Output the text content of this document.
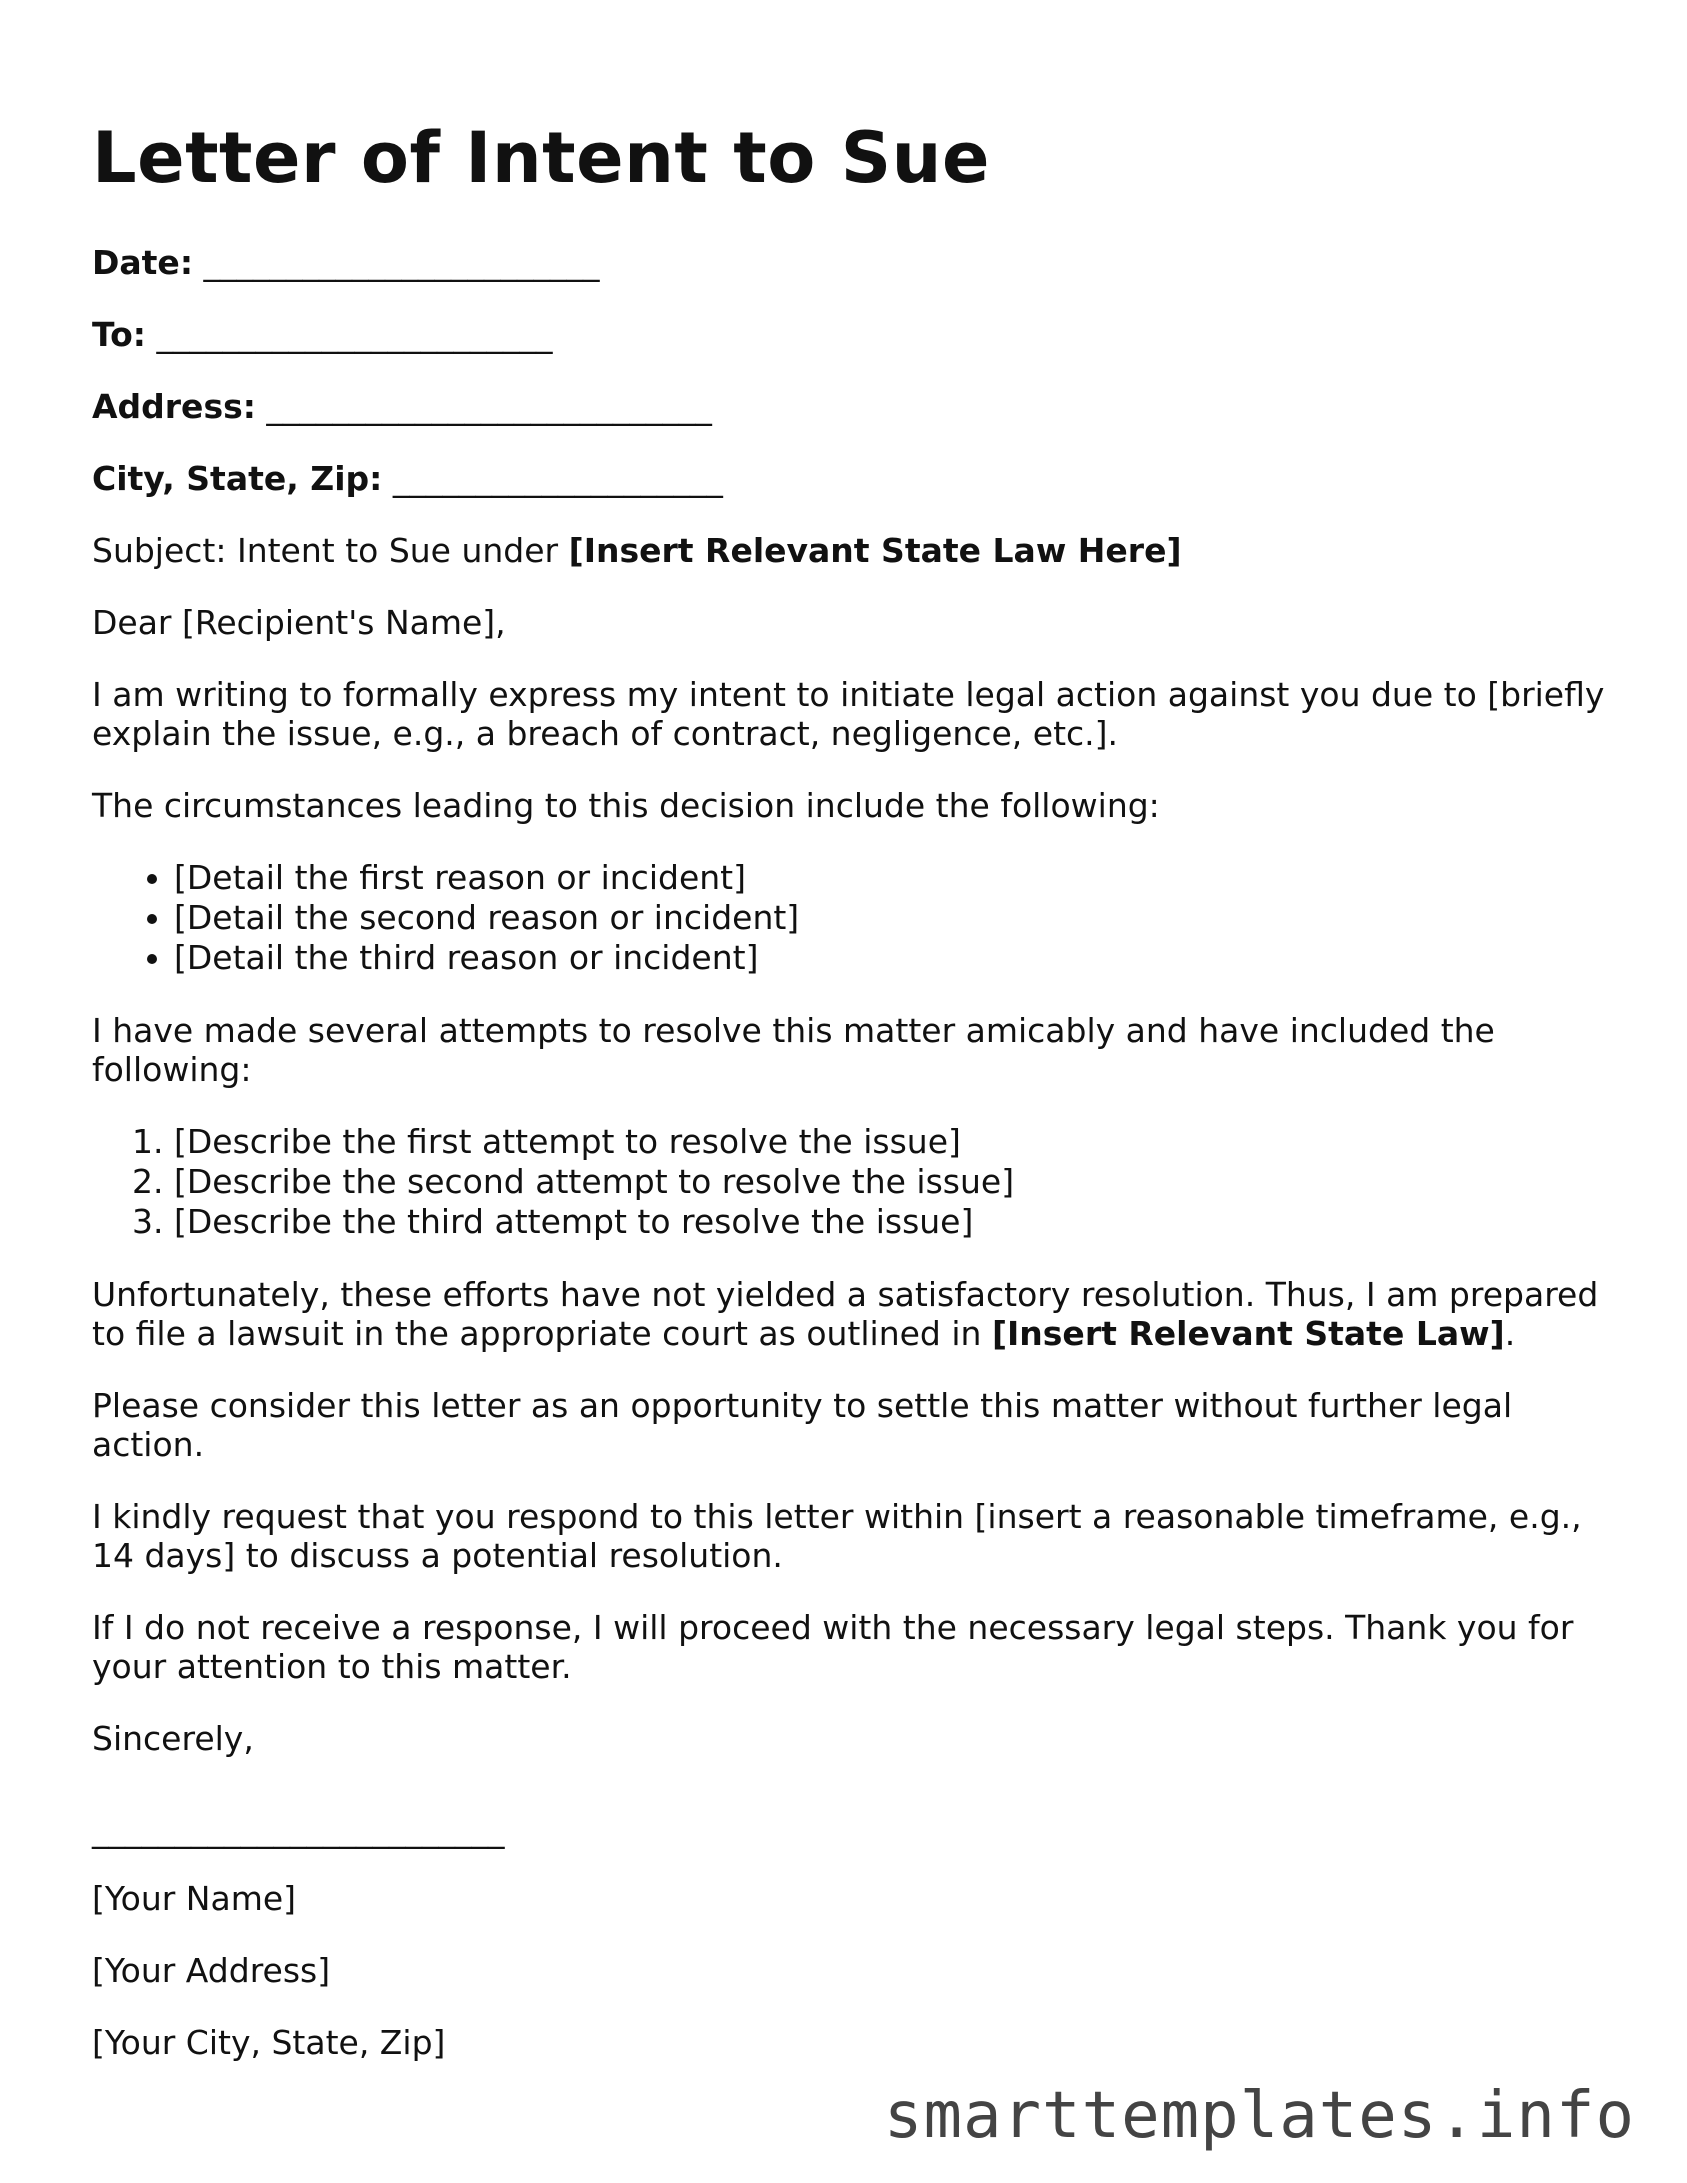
Letter of Intent to Sue

Date: ________________________

To: ________________________

Address: ___________________________

City, State, Zip: ____________________

Subject: Intent to Sue under [Insert Relevant State Law Here]

Dear [Recipient's Name],

I am writing to formally express my intent to initiate legal action against you due to [briefly explain the issue, e.g., a breach of contract, negligence, etc.].

The circumstances leading to this decision include the following:

• [Detail the first reason or incident]
• [Detail the second reason or incident]
• [Detail the third reason or incident]

I have made several attempts to resolve this matter amicably and have included the following:

1. [Describe the first attempt to resolve the issue]
2. [Describe the second attempt to resolve the issue]
3. [Describe the third attempt to resolve the issue]

Unfortunately, these efforts have not yielded a satisfactory resolution. Thus, I am prepared to file a lawsuit in the appropriate court as outlined in [Insert Relevant State Law].

Please consider this letter as an opportunity to settle this matter without further legal action.

I kindly request that you respond to this letter within [insert a reasonable timeframe, e.g., 14 days] to discuss a potential resolution.

If I do not receive a response, I will proceed with the necessary legal steps. Thank you for your attention to this matter.

Sincerely,

_________________________

[Your Name]

[Your Address]

[Your City, State, Zip]

smarttemplates.info
